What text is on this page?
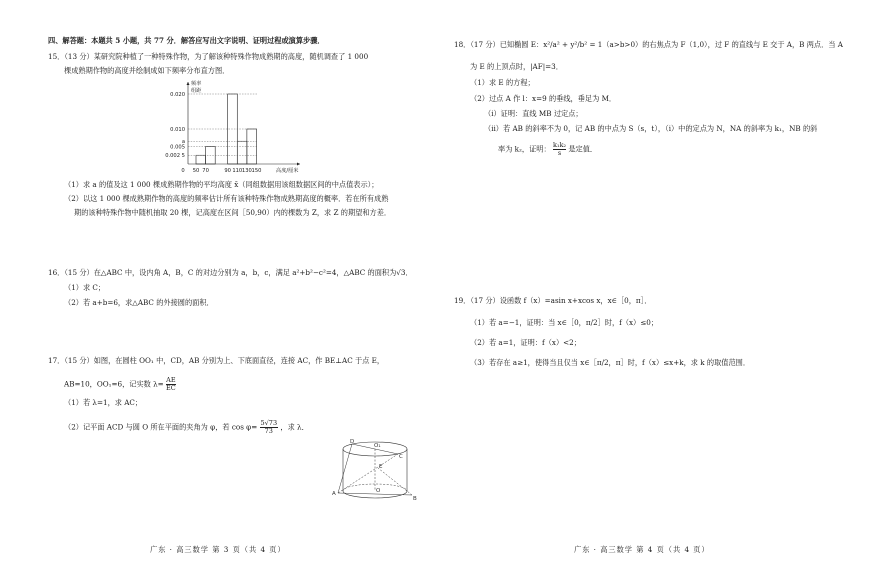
四、解答题：本题共 5 小题，共 77 分．解答应写出文字说明、证明过程或演算步骤．
15．（13 分）某研究院种植了一种特殊作物，为了解该种特殊作物成熟期的高度，随机调查了 1 000
棵成熟期作物的高度并绘制成如下频率分布直方图．
频率
组距
0
0.020
0.010
a
0.005
0.002 5
50 70	90 110 130 150	高度/厘米
（1）求 a 的值及这 1 000 棵成熟期作物的平均高度 x̄（同组数据用该组数据区间的中点值表示）；
（2）以这 1 000 棵成熟期作物的高度的频率估计所有该种特殊作物成熟期高度的概率．若在所有成熟
期的该种特殊作物中随机抽取 20 棵，记高度在区间［50,90）内的棵数为 Z，求 Z 的期望和方差．
16．（15 分）在△ABC 中，设内角 A，B，C 的对边分别为 a，b，c，满足 a²+b²−c²=4，△ABC 的面积为√3．
（1）求 C；
（2）若 a+b=6，求△ABC 的外接圆的面积．
17．（15 分）如图，在圆柱 OO₁ 中，CD，AB 分别为上、下底面直径，连接 AC，作 BE⊥AC 于点 E，
AB=10，OO₁=6，记实数 $\lambda= \frac{AE}{EC}$
（1）若 λ=1，求 AC；
（2）记平面 ACD 与圆 O 所在平面的夹角为 φ，若 $\cos \varphi= \frac{5√73}{73}$ ，求 λ．
D
O₁
C
E
A	O
B
广东 · 高三数学 第 3 页（共 4 页）
18．（17 分）已知椭圆 E：x²/a² + y²/b² = 1（a>b>0）的右焦点为 F（1,0），过 F 的直线与 E 交于 A，B 两点．当 A
为 E 的上顶点时，|AF|=3．
（1）求 E 的方程；
（2）过点 A 作 l：x=9 的垂线，垂足为 M．
（ⅰ）证明：直线 MB 过定点；
（ⅱ）若 AB 的斜率不为 0，记 AB 的中点为 S（s，t），（ⅰ）中的定点为 N，NA 的斜率为 k₁，NB 的斜
率为 k₂，证明： $\frac{\text{k₁k₂}}{s}$ 是定值．
19．（17 分）设函数 f（x）=asin x+xcos x，x∈［0，π］．
（1）若 a=−1，证明：当 x∈［0，π/2］时，f（x）≤0；
（2）若 a=1，证明：f（x）<2；
（3）若存在 a≥1，使得当且仅当 x∈［π/2，π］时，f（x）≤x+k，求 k 的取值范围．
广东 · 高三数学 第 4 页（共 4 页）
